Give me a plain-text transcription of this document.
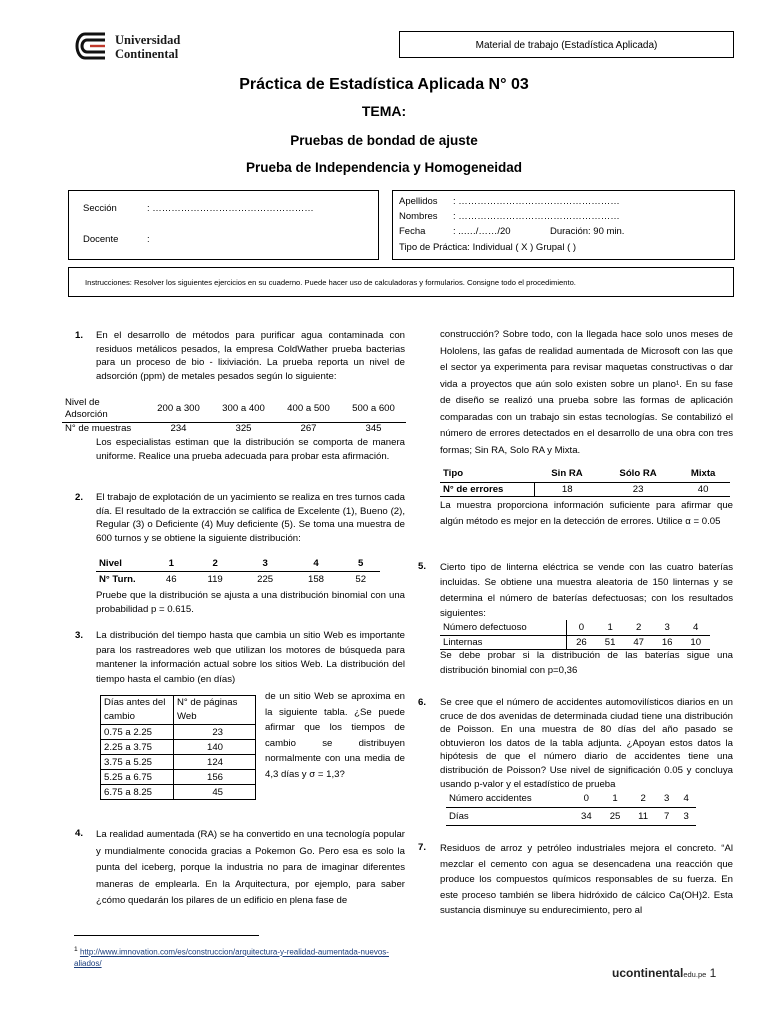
Universidad
Continental
Material de trabajo (Estadística Aplicada)
Práctica de Estadística Aplicada N° 03
TEMA:
Pruebas de bondad de ajuste
Prueba de Independencia y Homogeneidad
Sección	: ……………………………………………
Docente	:
Apellidos : ……………………………………………
Nombres : ……………………………………………
Fecha	: ..…./……/20	Duración: 90 min.
Tipo de Práctica: Individual ( X ) Grupal ( )
Instrucciones: Resolver los siguientes ejercicios en su cuaderno. Puede hacer uso de calculadoras y formularios. Consigne todo el procedimiento.
1. En el desarrollo de métodos para purificar agua contaminada con residuos metálicos pesados, la empresa ColdWather prueba bacterias para un proceso de bio - lixiviación. La prueba reporta un nivel de adsorción (ppm) de metales pesados según lo siguiente:
Nivel de Adsorción	200 a 300	300 a 400	400 a 500	500 a 600
N° de muestras	234	325	267	345
Los especialistas estiman que la distribución se comporta de manera uniforme. Realice una prueba adecuada para probar esta afirmación.
2. El trabajo de explotación de un yacimiento se realiza en tres turnos cada día. El resultado de la extracción se califica de Excelente (1), Bueno (2), Regular (3) o Deficiente (4) Muy deficiente (5). Se toma una muestra de 600 turnos y se obtiene la siguiente distribución:
Nivel	1	2	3	4	5
N° Turn.	46	119	225	158	52
Pruebe que la distribución se ajusta a una distribución binomial con una probabilidad p = 0.615.
3. La distribución del tiempo hasta que cambia un sitio Web es importante para los rastreadores web que utilizan los motores de búsqueda para mantener la información actual sobre los sitios Web. La distribución del tiempo hasta el cambio (en días)
Días antes del cambio	N° de páginas Web
0.75 a 2.25	23
2.25 a 3.75	140
3.75 a 5.25	124
5.25 a 6.75	156
6.75 a 8.25	45
de un sitio Web se aproxima en la siguiente tabla. ¿Se puede afirmar que los tiempos de cambio se distribuyen normalmente con una media de 4,3 días y σ = 1,3?
4. La realidad aumentada (RA) se ha convertido en una tecnología popular y mundialmente conocida gracias a Pokemon Go. Pero esa es solo la punta del iceberg, porque la industria no para de imaginar diferentes maneras de emplearla. En la Arquitectura, por ejemplo, para saber ¿cómo quedarán los pilares de un edificio en plena fase de
construcción? Sobre todo, con la llegada hace solo unos meses de Hololens, las gafas de realidad aumentada de Microsoft con las que el sector ya experimenta para revisar maquetas constructivas o dar vida a proyectos que aún solo existen sobre un plano¹. En su fase de diseño se realizó una prueba sobre las formas de aplicación comparadas con un trabajo sin estas tecnologías. Se contabilizó el número de errores detectados en el desarrollo de una obra con tres formas; Sin RA, Solo RA y Mixta.
Tipo	Sin RA	Sólo RA	Mixta
N° de errores	18	23	40
La muestra proporciona información suficiente para afirmar que algún método es mejor en la detección de errores. Utilice α = 0.05
5. Cierto tipo de linterna eléctrica se vende con las cuatro baterías incluidas. Se obtiene una muestra aleatoria de 150 linternas y se determina el número de baterías defectuosas; con los resultados siguientes:
Número defectuoso	0	1	2	3	4
Linternas	26	51	47	16	10
Se debe probar si la distribución de las baterías sigue una distribución binomial con p=0,36
6. Se cree que el número de accidentes automovilísticos diarios en un cruce de dos avenidas de determinada ciudad tiene una distribución de Poisson. En una muestra de 80 días del año pasado se obtuvieron los datos de la tabla adjunta. ¿Apoyan estos datos la hipótesis de que el número diario de accidentes tiene una distribución de Poisson? Use nivel de significación 0.05 y concluya usando p-valor y el estadístico de prueba
Número accidentes	0	1	2	3	4
Días	34	25	11	7	3
7. Residuos de arroz y petróleo industriales mejora el concreto. “Al mezclar el cemento con agua se desencadena una reacción que produce los compuestos químicos responsables de su fuerza. En este proceso también se libera hidróxido de cálcico Ca(OH)2. Esta sustancia disminuye su endurecimiento, pero al
$^1$ http://www.imnovation.com/es/construccion/arquitectura-y-realidad-aumentada-nuevos-aliados/
ucontinentaledu.pe 1
